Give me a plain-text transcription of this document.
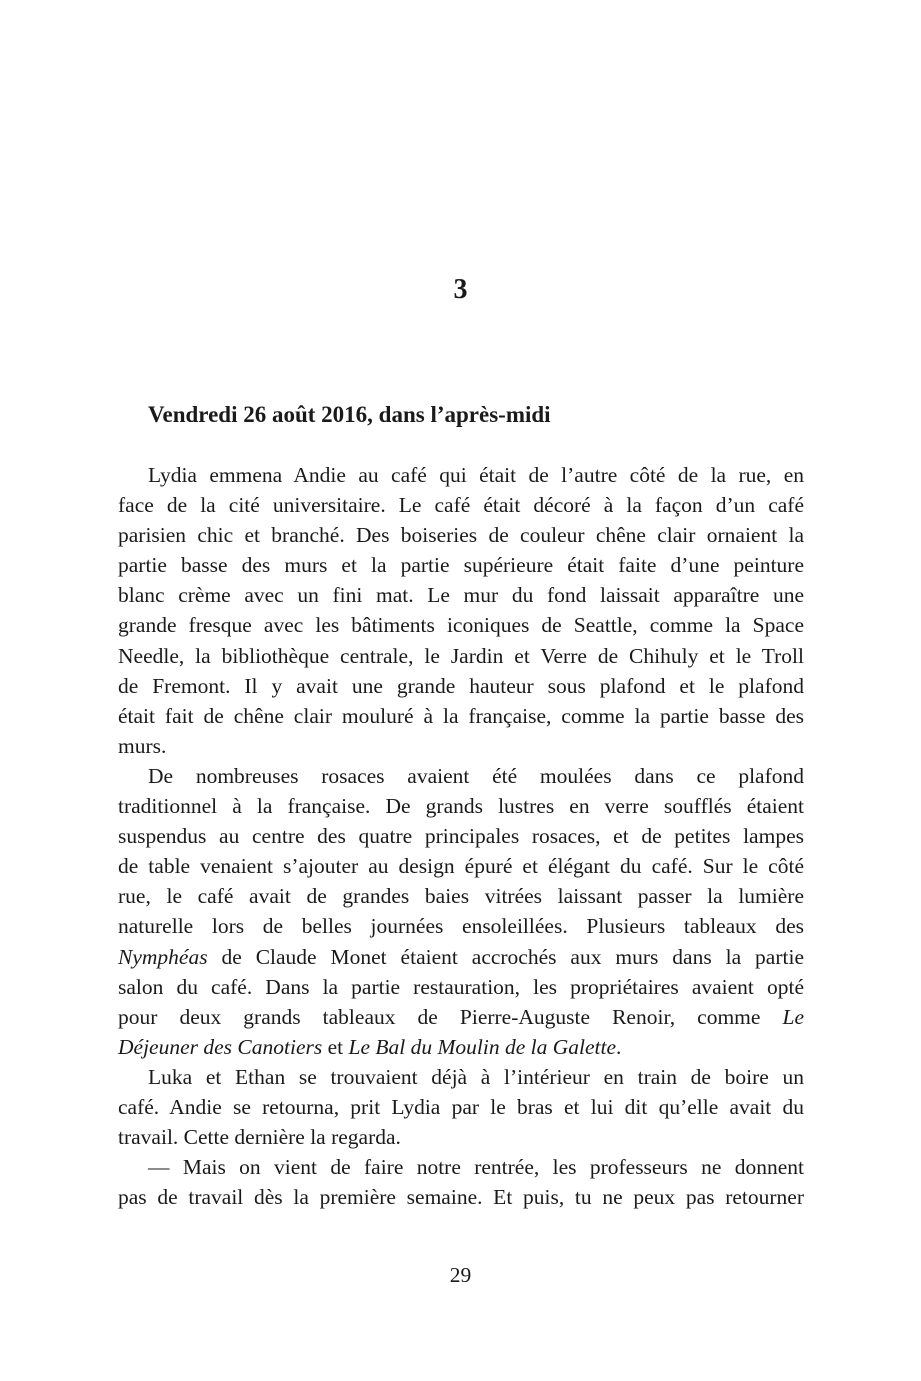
3
Vendredi 26 août 2016, dans l’après-midi
Lydia emmena Andie au café qui était de l’autre côté de la rue, en
face de la cité universitaire. Le café était décoré à la façon d’un café
parisien chic et branché. Des boiseries de couleur chêne clair ornaient la
partie basse des murs et la partie supérieure était faite d’une peinture
blanc crème avec un fini mat. Le mur du fond laissait apparaître une
grande fresque avec les bâtiments iconiques de Seattle, comme la Space
Needle, la bibliothèque centrale, le Jardin et Verre de Chihuly et le Troll
de Fremont. Il y avait une grande hauteur sous plafond et le plafond
était fait de chêne clair mouluré à la française, comme la partie basse des
murs.
De nombreuses rosaces avaient été moulées dans ce plafond
traditionnel à la française. De grands lustres en verre soufflés étaient
suspendus au centre des quatre principales rosaces, et de petites lampes
de table venaient s’ajouter au design épuré et élégant du café. Sur le côté
rue, le café avait de grandes baies vitrées laissant passer la lumière
naturelle lors de belles journées ensoleillées. Plusieurs tableaux des
Nymphéas de Claude Monet étaient accrochés aux murs dans la partie
salon du café. Dans la partie restauration, les propriétaires avaient opté
pour deux grands tableaux de Pierre-Auguste Renoir, comme Le
Déjeuner des Canotiers et Le Bal du Moulin de la Galette.
Luka et Ethan se trouvaient déjà à l’intérieur en train de boire un
café. Andie se retourna, prit Lydia par le bras et lui dit qu’elle avait du
travail. Cette dernière la regarda.
— Mais on vient de faire notre rentrée, les professeurs ne donnent
pas de travail dès la première semaine. Et puis, tu ne peux pas retourner
29
